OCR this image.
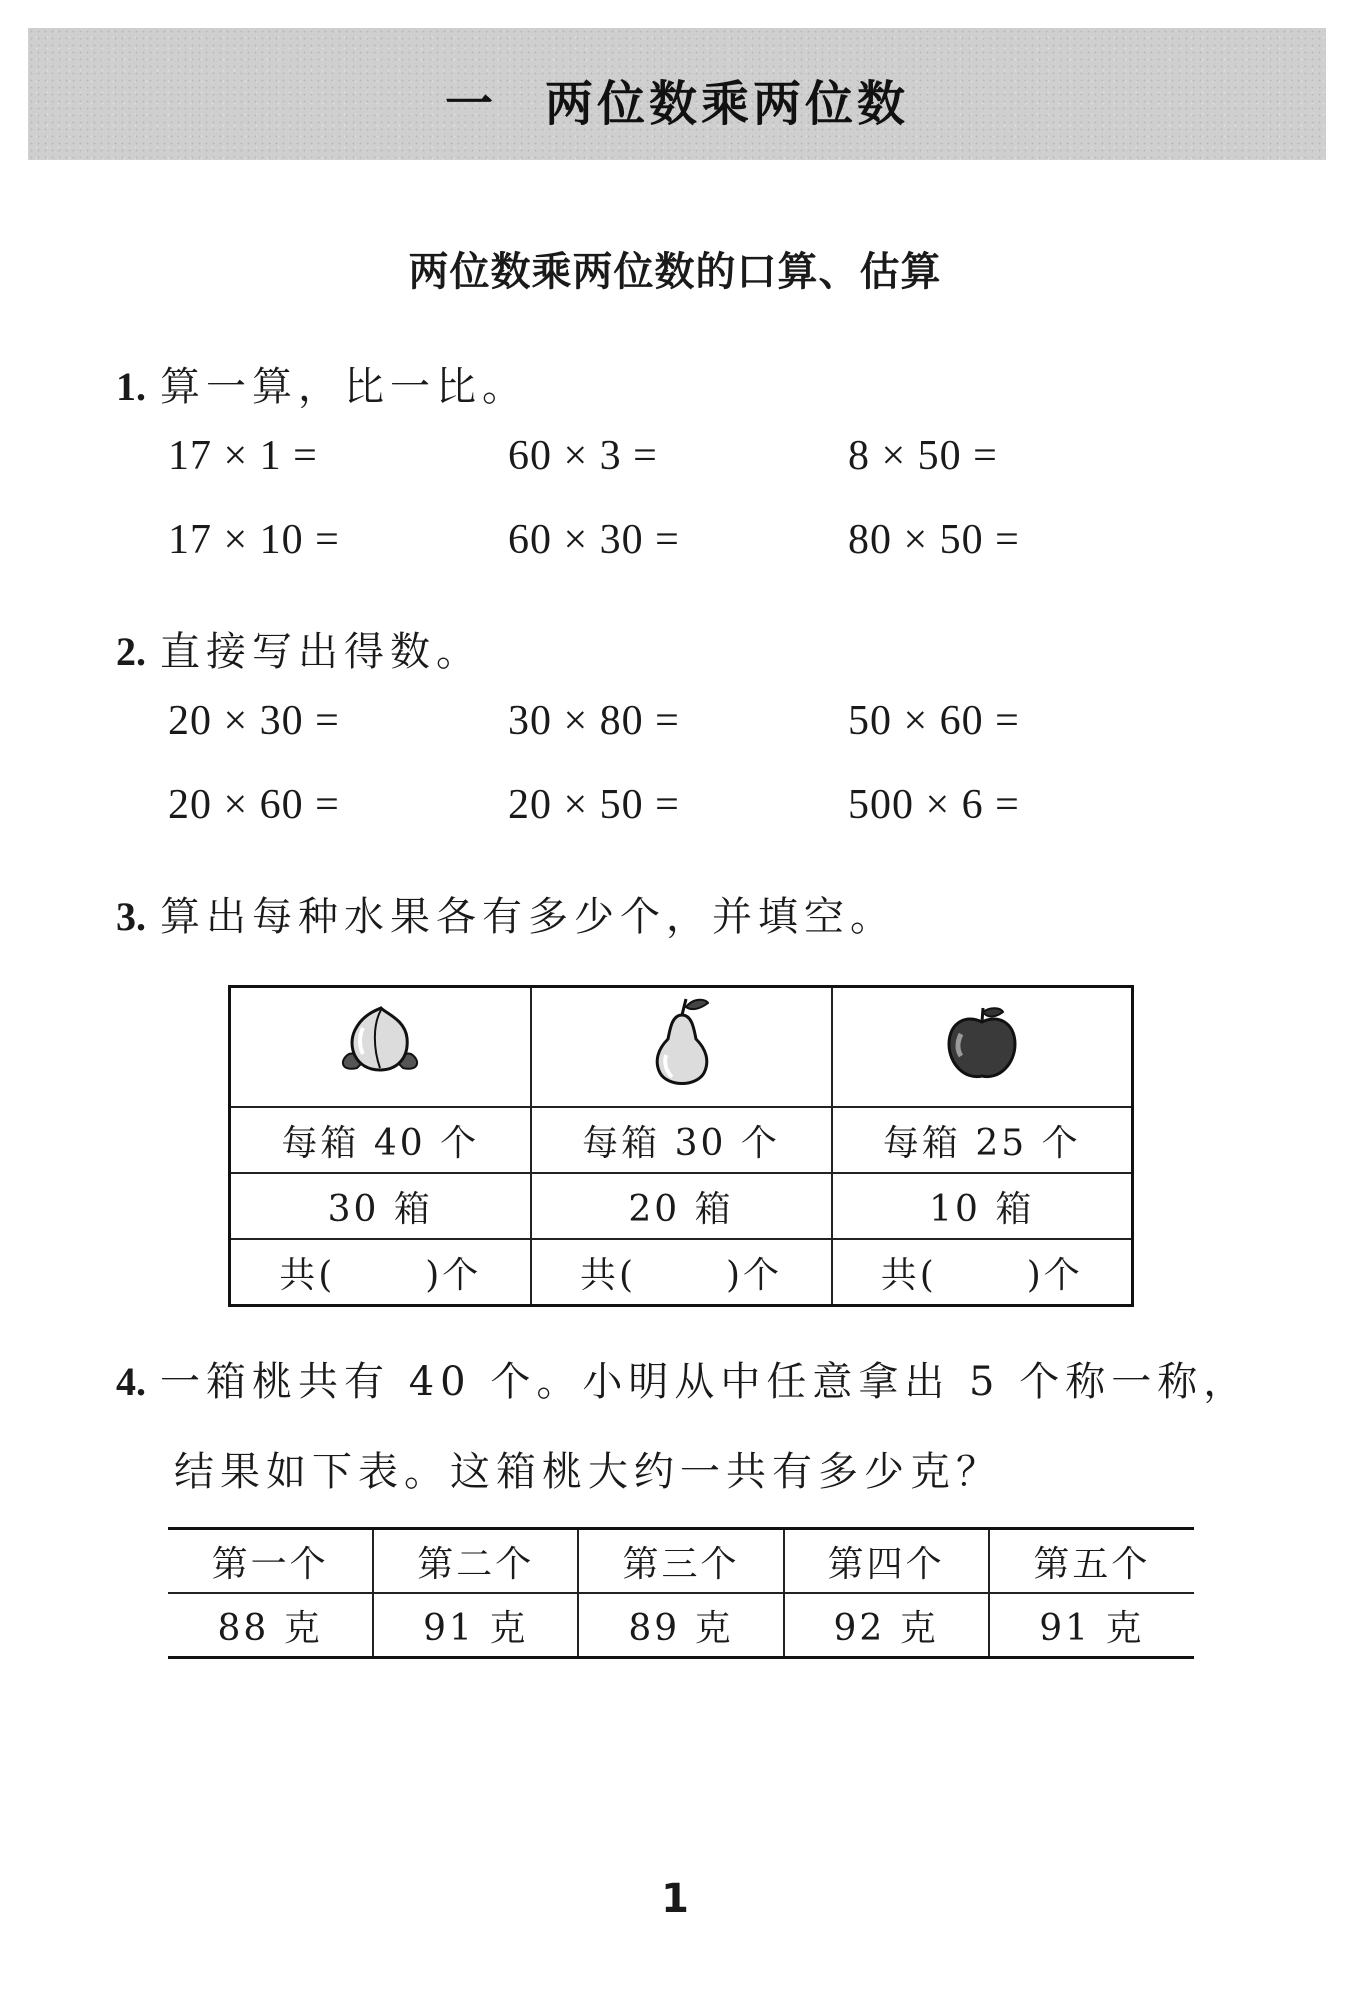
一 两位数乘两位数
两位数乘两位数的口算、估算
1. 算一算，比一比。
17 × 1 =	60 × 3 =	8 × 50 =
17 × 10 =	60 × 30 =	80 × 50 =
2. 直接写出得数。
20 × 30 =	30 × 80 =	50 × 60 =
20 × 60 =	20 × 50 =	500 × 6 =
3. 算出每种水果各有多少个，并填空。

每箱 40 个	每箱 30 个	每箱 25 个
30 箱	20 箱	10 箱
共( )个	共( )个	共( )个
4. 一箱桃共有 40 个。小明从中任意拿出 5 个称一称，
结果如下表。这箱桃大约一共有多少克？
第一个	第二个	第三个	第四个	第五个
88 克	91 克	89 克	92 克	91 克
1
